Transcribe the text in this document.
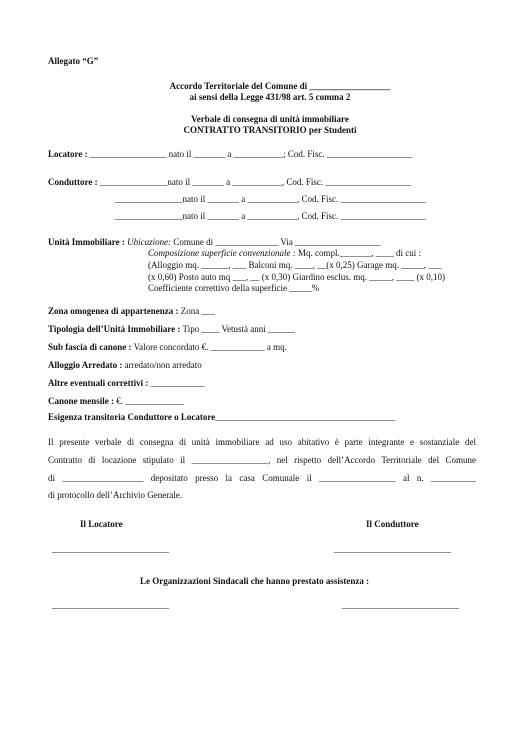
Allegato “G”
Accordo Territoriale del Comune di __________________
ai sensi della Legge 431/98 art. 5 comma 2
Verbale di consegna di unità immobiliare
CONTRATTO TRANSITORIO per Studenti
Locatore : _________________ nato il _______ a ___________; Cod. Fisc. ___________________
Conduttore : _______________nato il _______ a ___________, Cod. Fisc. ___________________
_______________nato il _______ a ___________, Cod. Fisc. ___________________
_______________nato il _______ a ___________, Cod. Fisc. ___________________
Unità Immobiliare : Ubicazione: Comune di ______________ Via ___________________
Composizione superficie convenzionale : Mq. compl._______, ____ di cui :
(Alloggio mq. ______, ___ Balconi mq. ____, __(x 0,25) Garage mq. _____, ___
(x 0,60) Posto auto mq ___, __ (x 0,30) Giardino esclus. mq. _____, ____ (x 0,10)
Coefficiente correttivo della superficie _____%
Zona omogenea di appartenenza : Zona ___
Tipologia dell’Unità Immobiliare : Tipo ____ Vetustà anni ______
Sub fascia di canone : Valore concordato €. ____________ a mq.
Alloggio Arredato : arredato/non arredato
Altre eventuali correttivi : ____________
Canone mensile : €. _____________
Esigenza transitoria Conduttore o Locatore________________________________________
Il presente verbale di consegna di unità immobiliare ad uso abitativo è parte integrante e sostanziale del
Contratto di locazione stipulato il _________________, nel rispetto dell’Accordo Territoriale del Comune
di __________________ depositato presso la casa Comunale il _________________ al n. __________
di protocollo dell’Archivio Generale.
Il Locatore	Il Conduttore
__________________________	__________________________
Le Organizzazioni Sindacali che hanno prestato assistenza :
__________________________	__________________________
